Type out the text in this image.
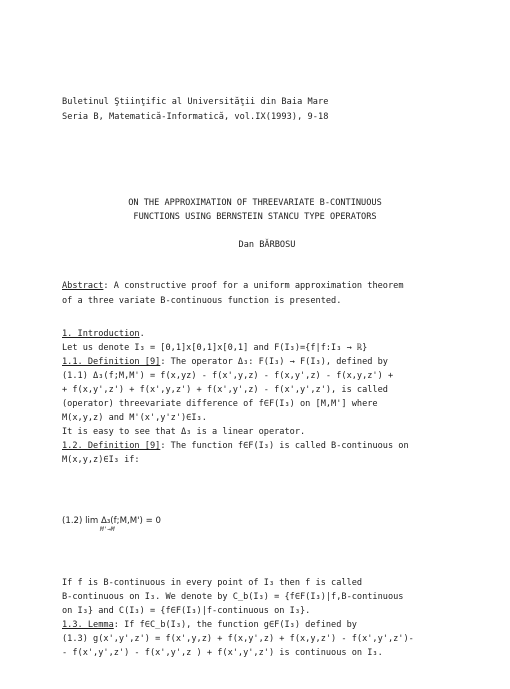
Buletinul Ştiinţific al Universităţii din Baia Mare
Seria B, Matematică-Informatică, vol.IX(1993), 9-18
ON THE APPROXIMATION OF THREEVARIATE B-CONTINUOUS
FUNCTIONS USING BERNSTEIN STANCU TYPE OPERATORS
Dan BĂRBOSU
Abstract: A constructive proof for a uniform approximation theorem
of a three variate B-continuous function is presented.
1. Introduction.
Let us denote I₃ = [0,1]x[0,1]x[0,1] and F(I₃)={f|f:I₃ → ℝ}
1.1. Definition [9]: The operator Δ₃: F(I₃) → F(I₃), defined by
(1.1) Δ₃(f;M,M') = f(x,yz) - f(x',y,z) - f(x,y',z) - f(x,y,z') +
+ f(x,y',z') + f(x',y,z') + f(x',y',z) - f(x',y',z'), is called
(operator) threevariate difference of f∈F(I₃) on [M,M'] where
M(x,y,z) and M'(x',y'z')∈I₃.
It is easy to see that Δ₃ is a linear operator.
1.2. Definition [9]: The function f∈F(I₃) is called B-continuous on
M(x,y,z)∈I₃ if:
(1.2) lim Δ₃(f;M,M') = 0
M'→M
If f is B-continuous in every point of I₃ then f is called
B-continuous on I₃. We denote by C_b(I₃) = {f∈F(I₃)|f,B-continuous
on I₃} and C(I₃) = {f∈F(I₃)|f-continuous on I₃}.
1.3. Lemma: If f∈C_b(I₃), the function g∈F(I₃) defined by
(1.3) g(x',y',z') = f(x',y,z) + f(x,y',z) + f(x,y,z') - f(x',y',z')-
- f(x',y',z') - f(x',y',z ) + f(x',y',z') is continuous on I₃.
